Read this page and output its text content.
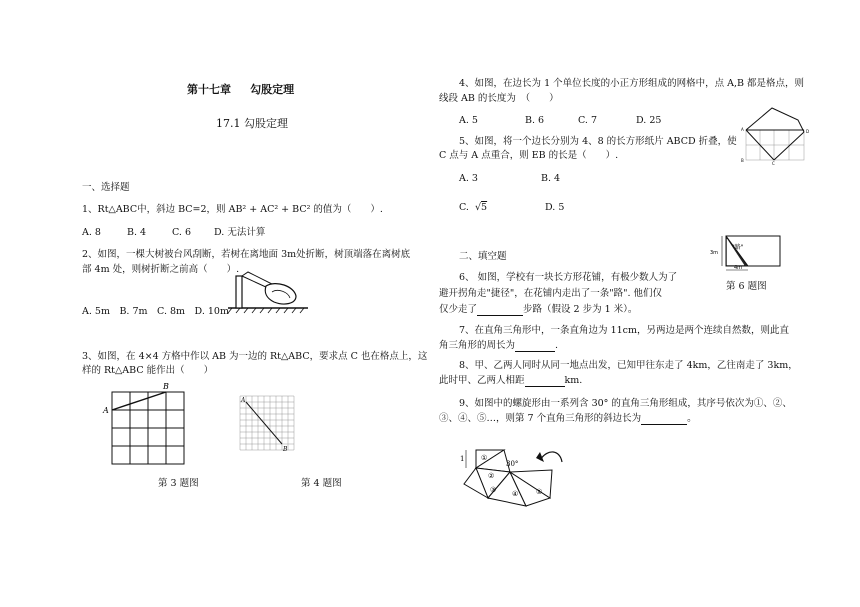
第十七章 勾股定理
17.1 勾股定理
一、选择题
1、Rt△ABC中，斜边 BC=2，则 AB² + AC² + BC² 的值为（　　）.
A. 8	B. 4	C. 6 D. 无法计算
2、如图，一棵大树被台风刮断，若树在离地面 3m处折断，树顶端落在离树底
部 4m 处，则树折断之前高（　　）.
A. 5m　B. 7m　C. 8m　D. 10m
3、如图，在 4×4 方格中作以 AB 为一边的 Rt△ABC，要求点 C 也在格点上，这
样的 Rt△ABC 能作出（　　）
A
B
A
B
第 3 题图	第 4 题图
4、如图，在边长为 1 个单位长度的小正方形组成的网格中，点 A,B 都是格点，则
线段 AB 的长度为　（　　）
A. 5	B. 6	C. 7	D. 25
5、如图，将一个边长分别为 4、8 的长方形纸片 ABCD 折叠，使
C 点与 A 点重合，则 EB 的长是（　　）.
A. 3	B. 4
C.  √5	D. 5
A	D
B
C
二、填空题
6、 如图，学校有一块长方形花铺，有极少数人为了
避开拐角走"捷径"，在花铺内走出了一条"路". 他们仅
仅少走了	步路（假设 2 步为 1 米）。
3m
4m
"路"
第 6 题图
7、在直角三角形中，一条直角边为 11cm，另两边是两个连续自然数，则此直
角三角形的周长为	.
8、甲、乙两人同时从同一地点出发，已知甲往东走了 4km，乙往南走了 3km，
此时甲、乙两人相距	km.
9、如图中的螺旋形由一系列含 30° 的直角三角形组成，其序号依次为①、②、
③、④、⑤…，则第 7 个直角三角形的斜边长为	。
1
30°
①
②
③ ④	⑤
